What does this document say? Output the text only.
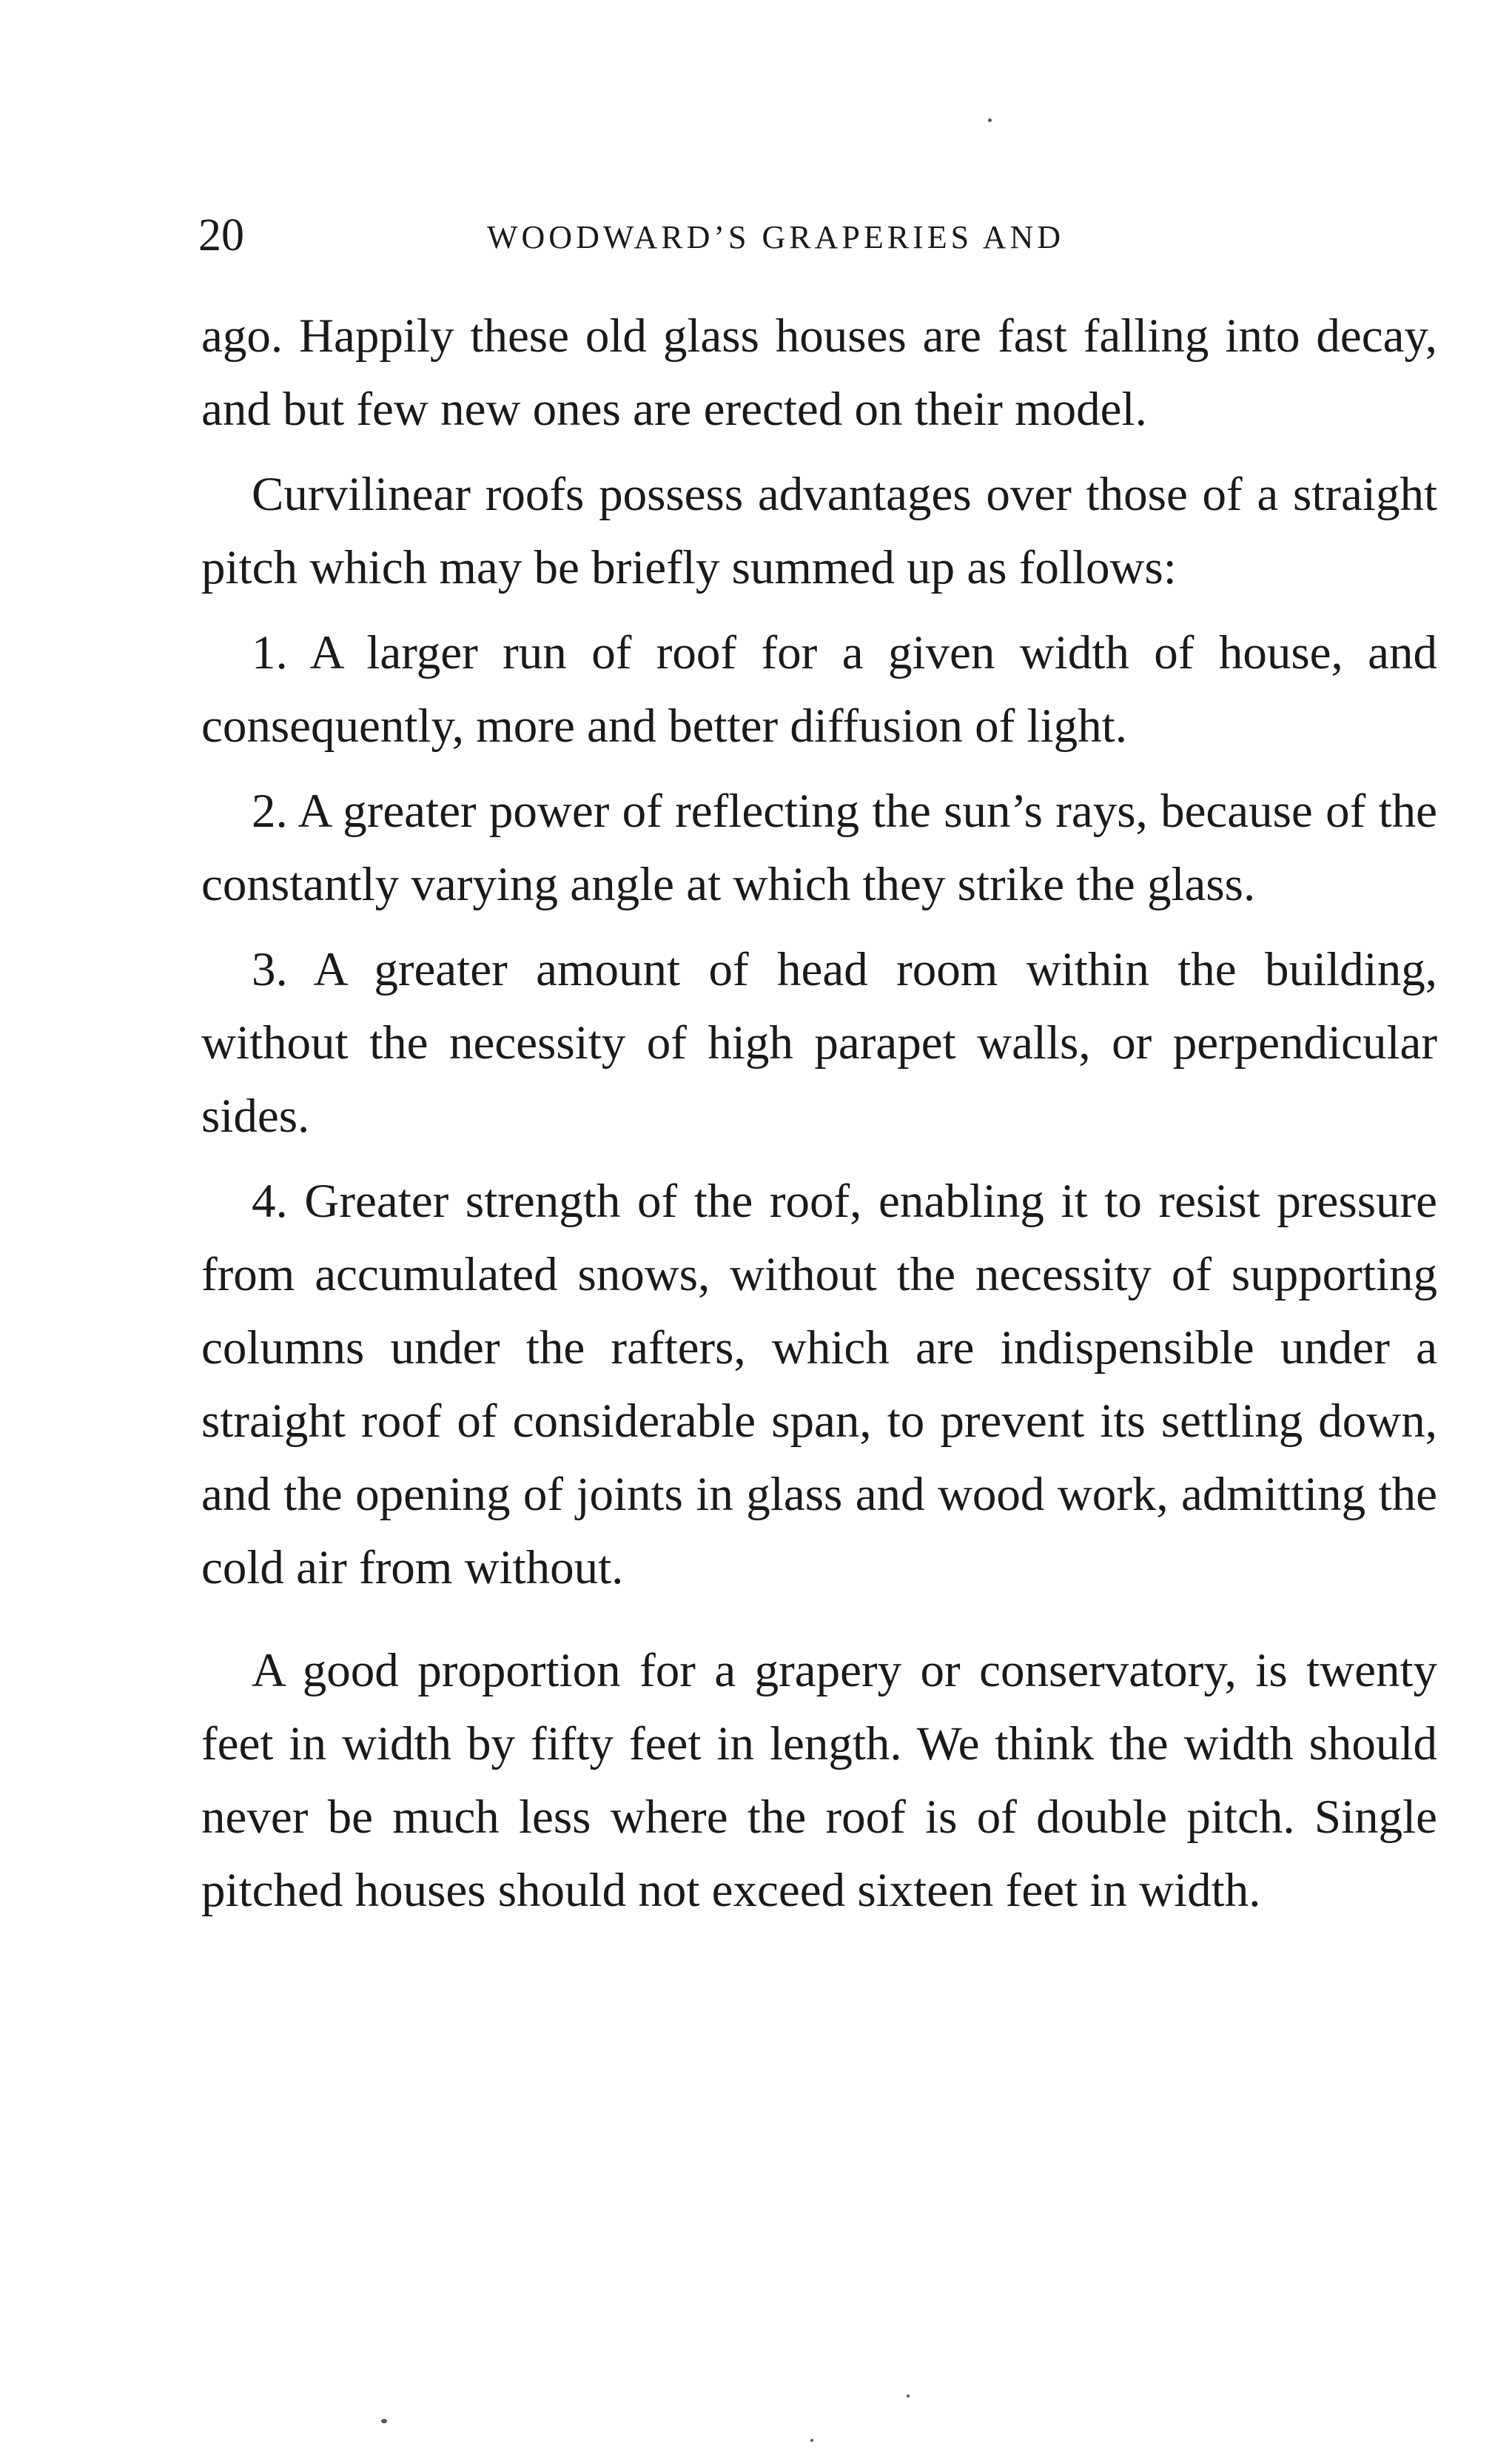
20	WOODWARD’S GRAPERIES AND

ago. Happily these old glass houses are fast falling into decay, and but few new ones are erected on their model.

Curvilinear roofs possess advantages over those of a straight pitch which may be briefly summed up as follows:

1. A larger run of roof for a given width of house, and consequently, more and better diffusion of light.

2. A greater power of reflecting the sun’s rays, because of the constantly varying angle at which they strike the glass.

3. A greater amount of head room within the building, without the necessity of high parapet walls, or perpendicular sides.

4. Greater strength of the roof, enabling it to resist pressure from accumulated snows, without the necessity of supporting columns under the rafters, which are indispensible under a straight roof of considerable span, to prevent its settling down, and the opening of joints in glass and wood work, admitting the cold air from without.

A good proportion for a grapery or conservatory, is twenty feet in width by fifty feet in length. We think the width should never be much less where the roof is of double pitch. Single pitched houses should not exceed sixteen feet in width.
